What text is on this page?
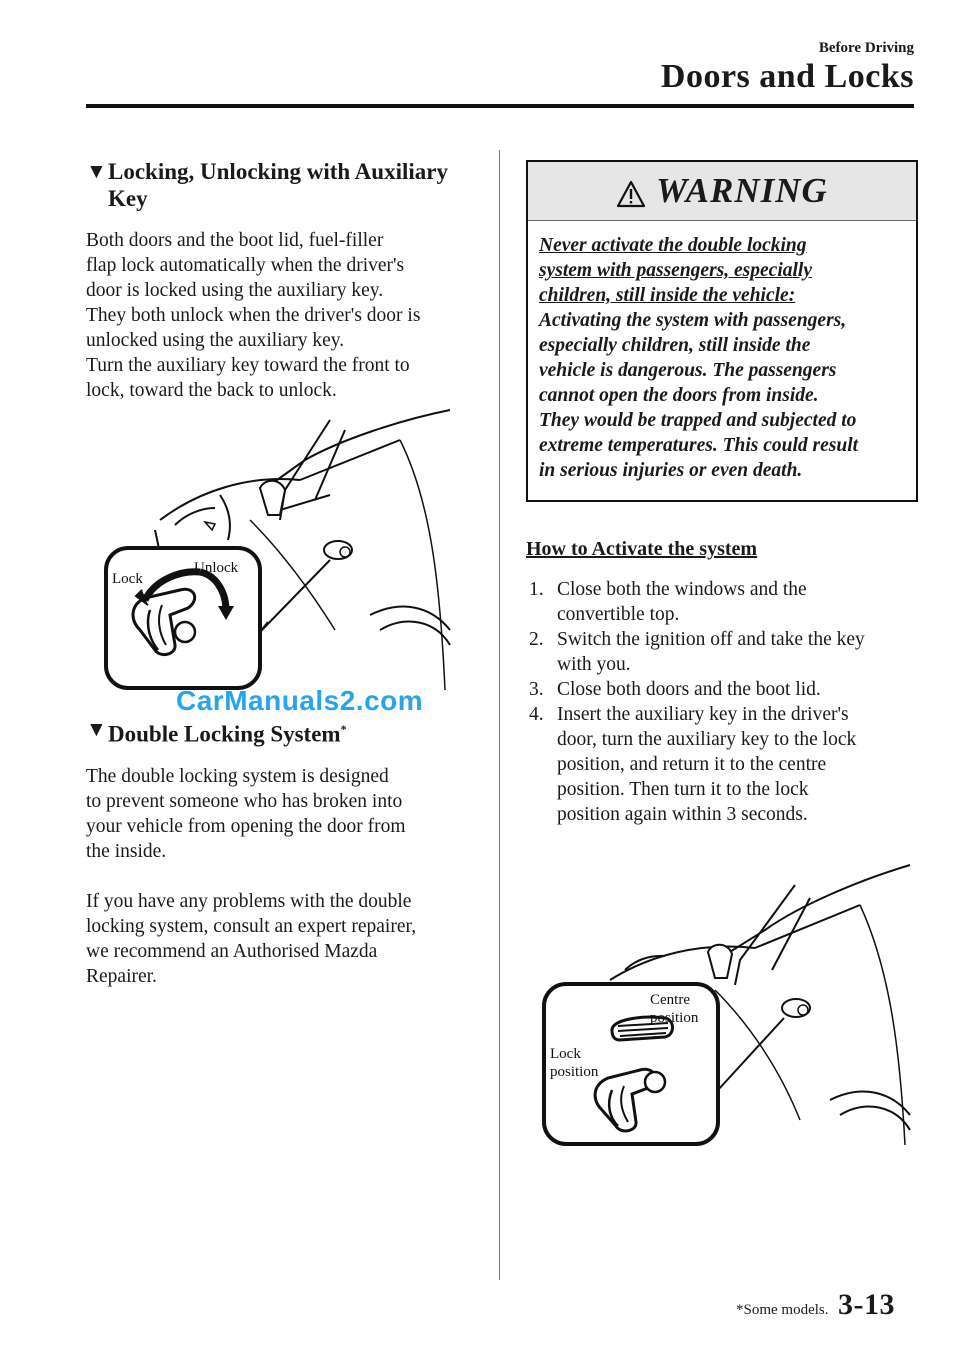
Before Driving
Doors and Locks
▼ Locking, Unlocking with Auxiliary Key

Both doors and the boot lid, fuel-filler

flap lock automatically when the driver's

door is locked using the auxiliary key.

They both unlock when the driver's door is

unlocked using the auxiliary key.

Turn the auxiliary key toward the front to

lock, toward the back to unlock.

Lock
Unlock
CarManuals2.com
▼ Double Locking System*

The double locking system is designed

to prevent someone who has broken into

your vehicle from opening the door from

the inside.

If you have any problems with the double

locking system, consult an expert repairer,

we recommend an Authorised Mazda

Repairer.

WARNING
Never activate the double locking
system with passengers, especially
children, still inside the vehicle:
Activating the system with passengers,
especially children, still inside the
vehicle is dangerous. The passengers
cannot open the doors from inside.
They would be trapped and subjected to
extreme temperatures. This could result
in serious injuries or even death.
How to Activate the system
1. Close both the windows and the
convertible top.
2. Switch the ignition off and take the key
with you.
3. Close both doors and the boot lid.
4. Insert the auxiliary key in the driver's
door, turn the auxiliary key to the lock
position, and return it to the centre
position. Then turn it to the lock
position again within 3 seconds.
Centre
position
Lock
position
*Some models. 3-13
